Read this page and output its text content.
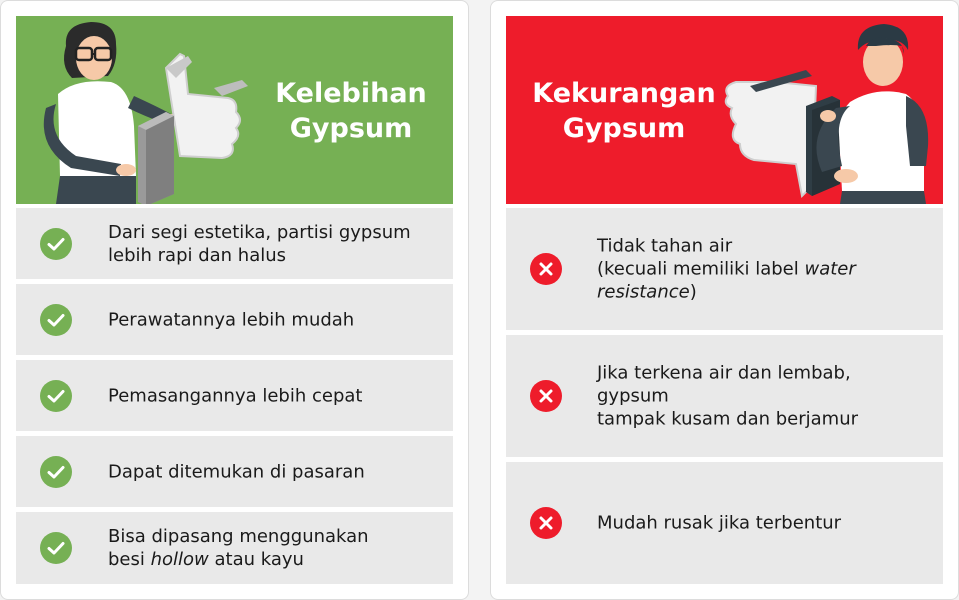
Kelebihan
Gypsum
Dari segi estetika, partisi gypsum
lebih rapi dan halus
Perawatannya lebih mudah
Pemasangannya lebih cepat
Dapat ditemukan di pasaran
Bisa dipasang menggunakan
besi hollow atau kayu
Kekurangan
Gypsum
Tidak tahan air
(kecuali memiliki label water
resistance)
Jika terkena air dan lembab, gypsum
tampak kusam dan berjamur
Mudah rusak jika terbentur
